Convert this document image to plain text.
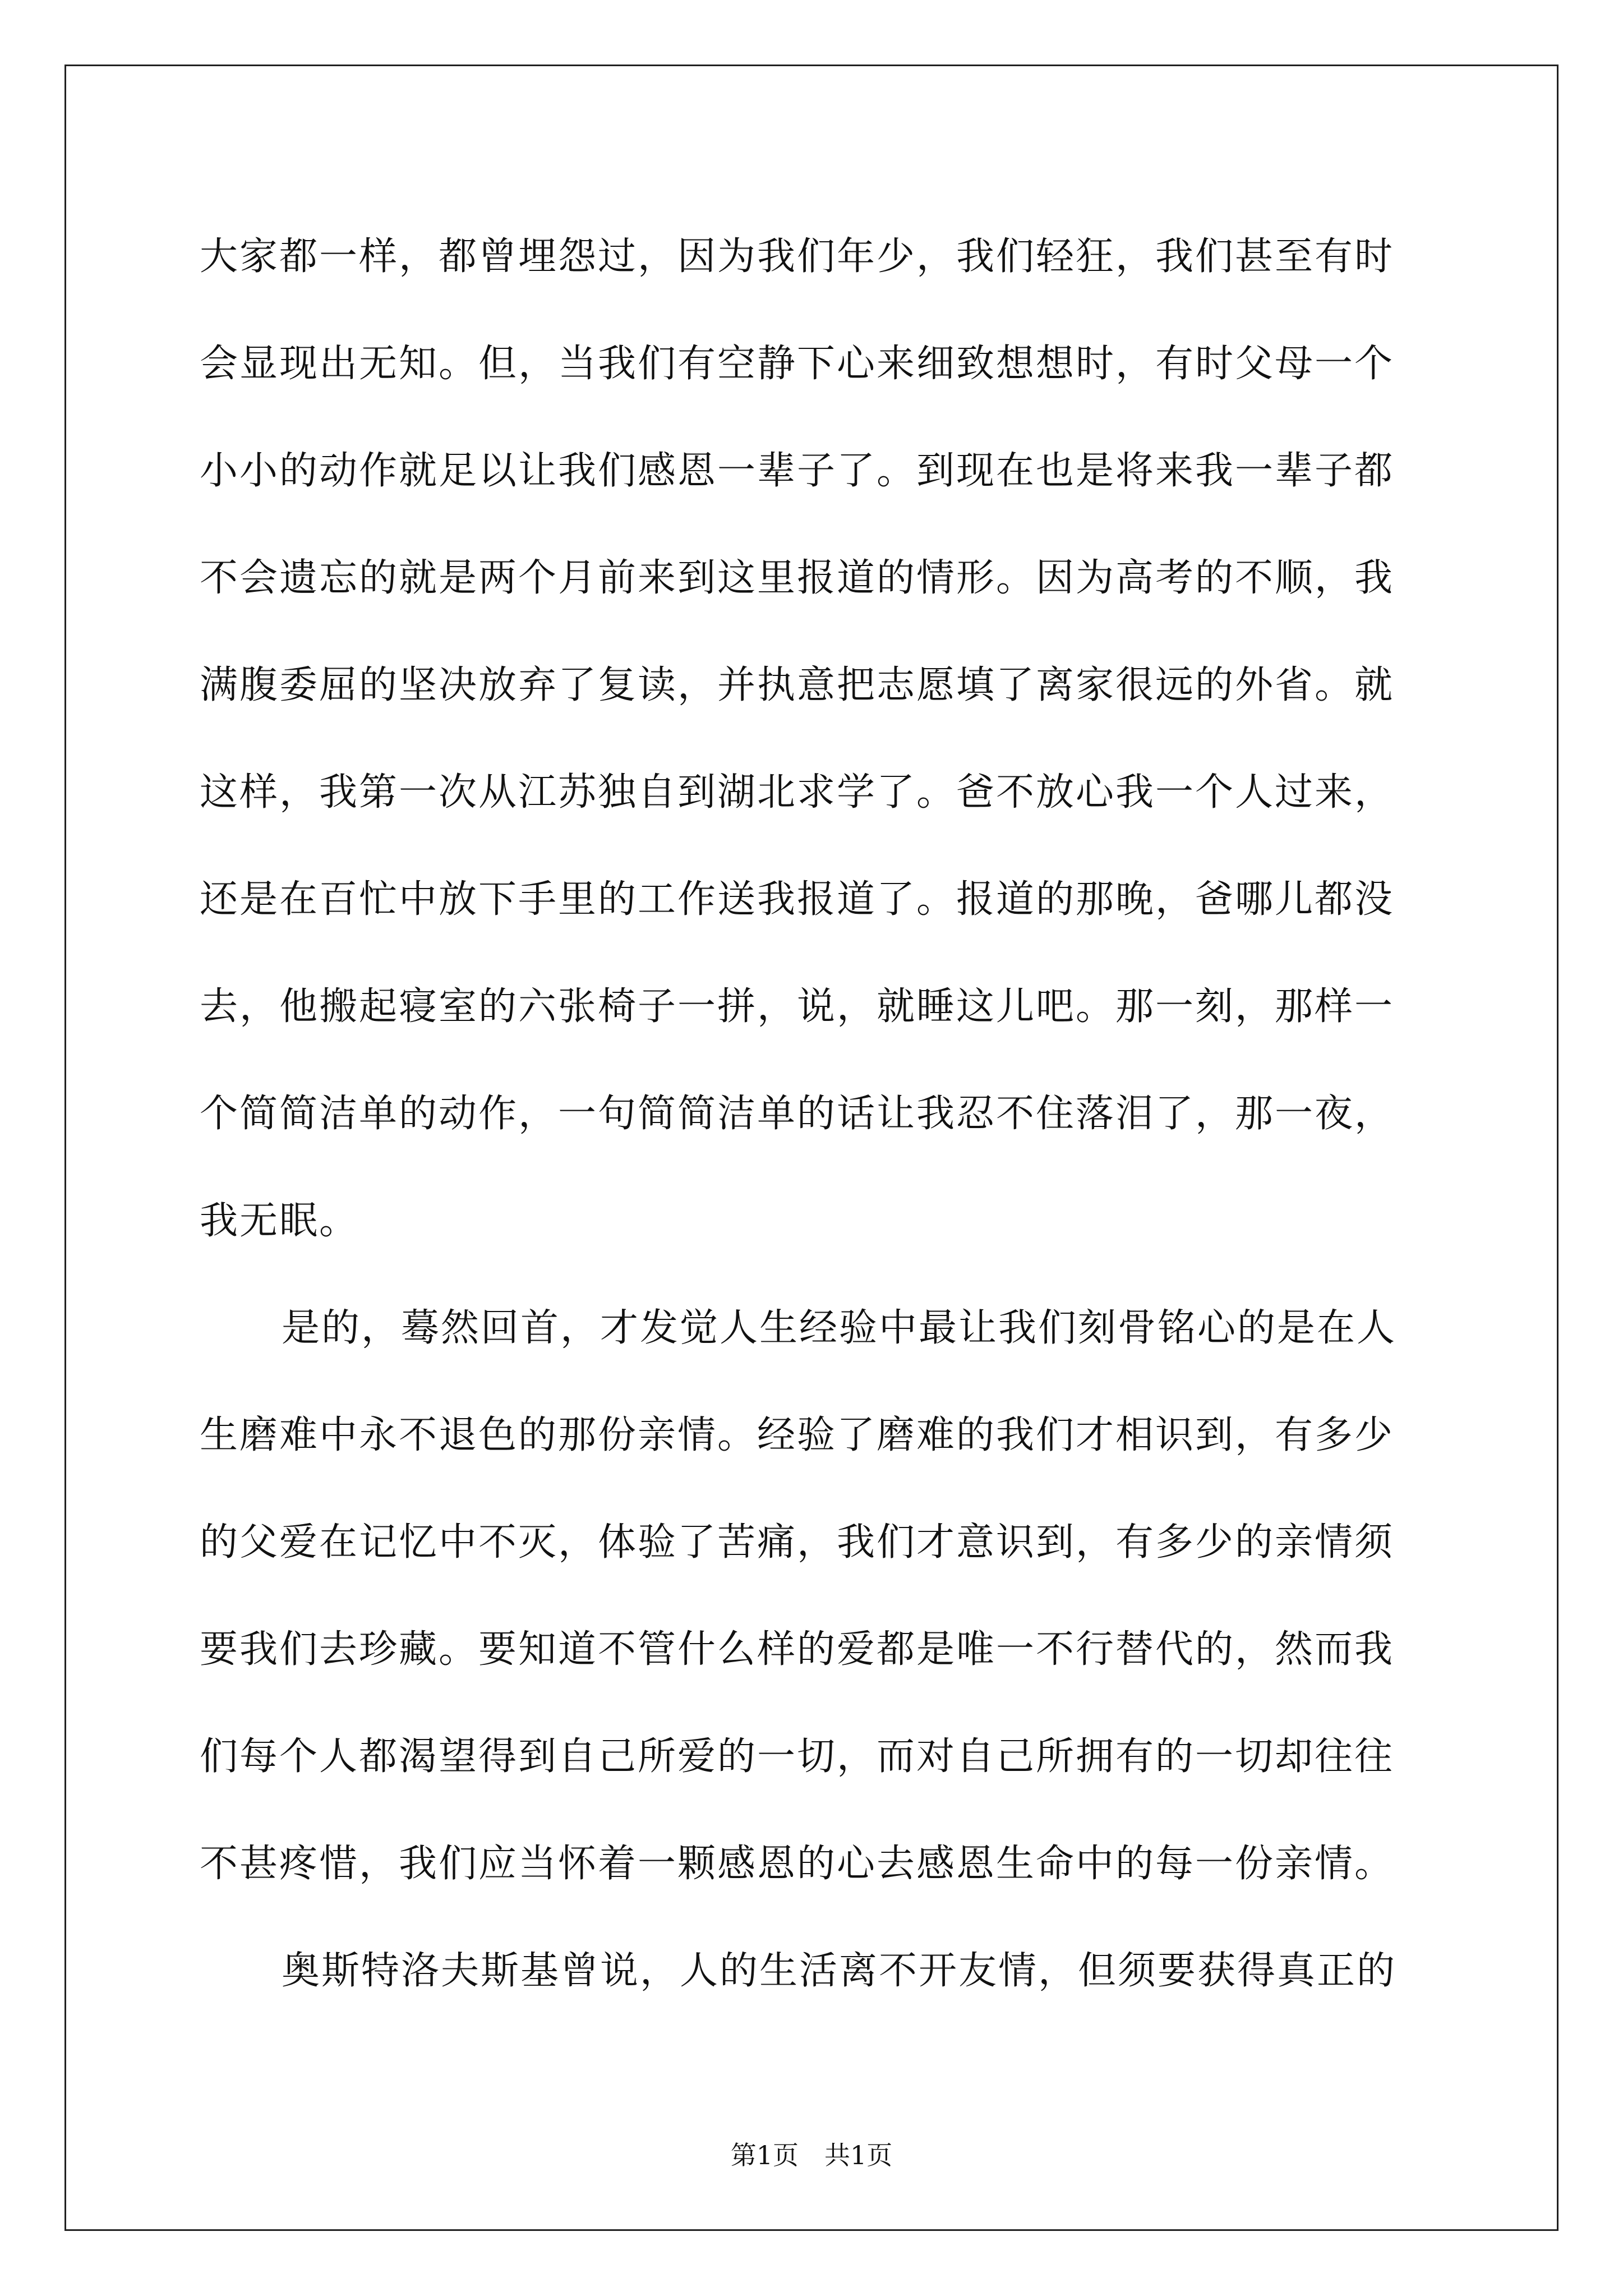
大家都一样，都曾埋怨过，因为我们年少，我们轻狂，我们甚至有时
会显现出无知。但，当我们有空静下心来细致想想时，有时父母一个
小小的动作就足以让我们感恩一辈子了。到现在也是将来我一辈子都
不会遗忘的就是两个月前来到这里报道的情形。因为高考的不顺，我
满腹委屈的坚决放弃了复读，并执意把志愿填了离家很远的外省。就
这样，我第一次从江苏独自到湖北求学了。爸不放心我一个人过来，
还是在百忙中放下手里的工作送我报道了。报道的那晚，爸哪儿都没
去，他搬起寝室的六张椅子一拼，说，就睡这儿吧。那一刻，那样一
个简简洁单的动作，一句简简洁单的话让我忍不住落泪了，那一夜，
我无眠。
是的，蓦然回首，才发觉人生经验中最让我们刻骨铭心的是在人
生磨难中永不退色的那份亲情。经验了磨难的我们才相识到，有多少
的父爱在记忆中不灭，体验了苦痛，我们才意识到，有多少的亲情须
要我们去珍藏。要知道不管什么样的爱都是唯一不行替代的，然而我
们每个人都渴望得到自己所爱的一切，而对自己所拥有的一切却往往
不甚疼惜，我们应当怀着一颗感恩的心去感恩生命中的每一份亲情。
奥斯特洛夫斯基曾说，人的生活离不开友情，但须要获得真正的
第1页　共1页
